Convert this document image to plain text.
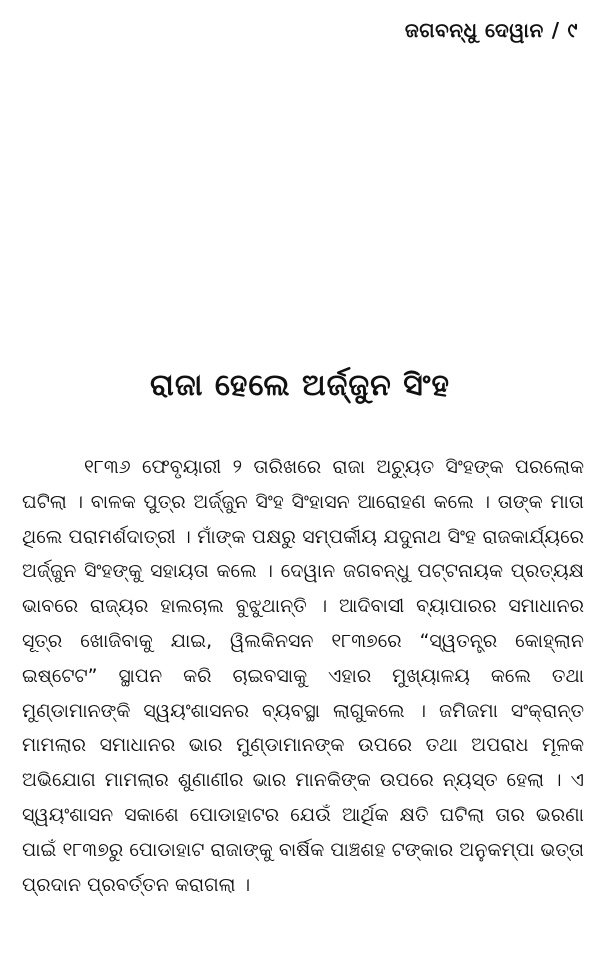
ଜଗବନ୍ଧୁ ଦେୱାନ / ୯
ରାଜା ହେଲେ ଅର୍ଜ୍ଜୁନ ସିଂହ

୧୮୩୬ ଫେବୃୟାରୀ ୨ ତାରିଖରେ ରାଜା ଅଚ୍ୟୁତ ସିଂହଙ୍କ ପରଲୋକ ଘଟିଲା । ବାଳକ ପୁତ୍ର ଅର୍ଜ୍ଜୁନ ସିଂହ ସିଂହାସନ ଆରୋହଣ କଲେ । ତାଙ୍କ ମାତା ଥିଲେ ପରାମର୍ଶଦାତ୍ରୀ । ମାଁଙ୍କ ପକ୍ଷରୁ ସମ୍ପର୍କୀୟ ଯଦୁନାଥ ସିଂହ ରାଜକାର୍ଯ୍ୟରେ ଅର୍ଜ୍ଜୁନ ସିଂହଙ୍କୁ ସହାୟତା କଲେ । ଦେୱାନ ଜଗବନ୍ଧୁ ପଟ୍ଟନାୟକ ପ୍ରତ୍ୟକ୍ଷ ଭାବରେ ରାଜ୍ୟର ହାଲଚାଲ ବୁଝୁଥାନ୍ତି । ଆଦିବାସୀ ବ୍ୟାପାରର ସମାଧାନର ସୂତ୍ର ଖୋଜିବାକୁ ଯାଇ, ୱିଲକିନସନ ୧୮୩୭ରେ “ସ୍ୱତନ୍ତ୍ର କୋହ୍ଲାନ ଇଷ୍ଟେଟ” ସ୍ଥାପନ କରି ଚାଇବସାକୁ ଏହାର ମୁଖ୍ୟାଳୟ କଲେ ତଥା ମୁଣ୍ଡାମାନଙ୍କି ସ୍ୱୟଂଶାସନର ବ୍ୟବସ୍ଥା ଲାଗୁକଲେ । ଜମିଜମା ସଂକ୍ରାନ୍ତ ମାମଲାର ସମାଧାନର ଭାର ମୁଣ୍ଡାମାନଙ୍କ ଉପରେ ତଥା ଅପରାଧ ମୂଳକ ଅଭିଯୋଗ ମାମଲାର ଶୁଣାଣୀର ଭାର ମାନକିଙ୍କ ଉପରେ ନ୍ୟସ୍ତ ହେଲା । ଏ ସ୍ୱୟଂଶାସନ ସକାଶେ ପୋଡାହାଟର ଯେଉଁ ଆର୍ଥିକ କ୍ଷତି ଘଟିଲା ତାର ଭରଣା ପାଇଁ ୧୮୩୭ରୁ ପୋଡାହାଟ ରାଜାଙ୍କୁ ବାର୍ଷିକ ପାଞ୍ଚଶହ ଟଙ୍କାର ଅନୁକମ୍ପା ଭତ୍ତା ପ୍ରଦାନ ପ୍ରବର୍ତ୍ତନ କରାଗଲା ।
